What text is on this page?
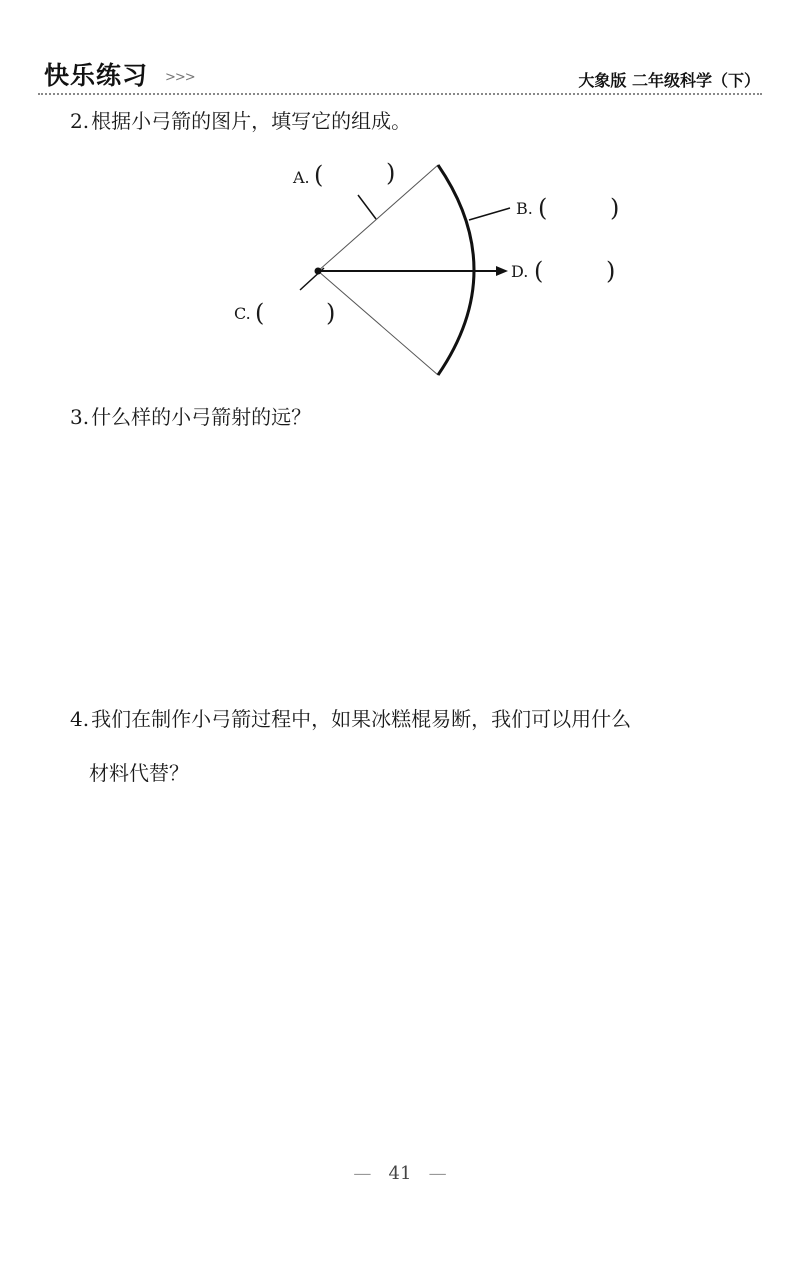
快乐练习 >>>	大象版 二年级科学（下）
2. 根据小弓箭的图片，填写它的组成。
A. (	)
B. (	)
D. (	)
C. (	)
3. 什么样的小弓箭射的远？
4. 我们在制作小弓箭过程中，如果冰糕棍易断，我们可以用什么
材料代替？
— 41 —
